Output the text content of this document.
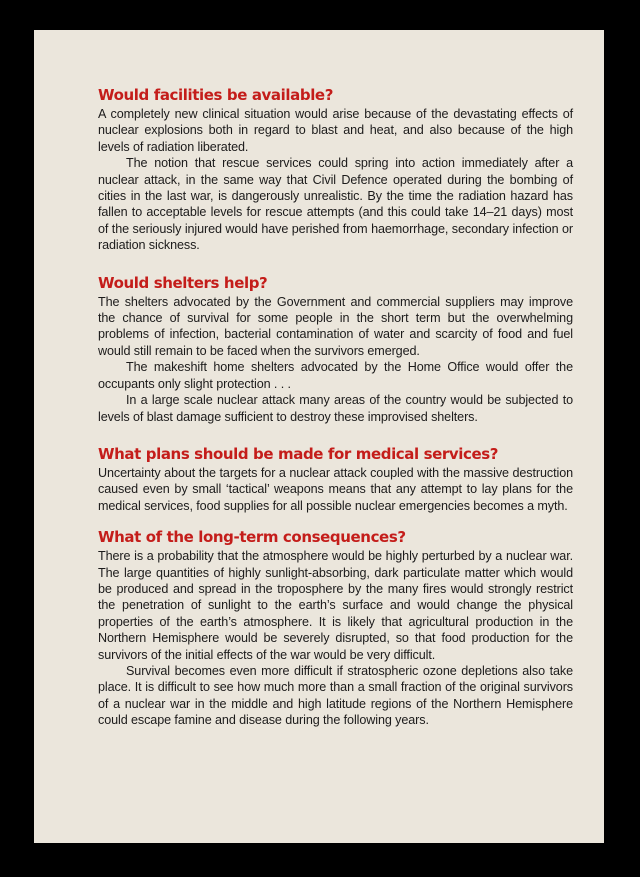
Would facilities be available?

A completely new clinical situation would arise because of the devastating effects of nuclear explosions both in regard to blast and heat, and also because of the high levels of radiation liberated.

The notion that rescue services could spring into action immediately after a nuclear attack, in the same way that Civil Defence operated during the bombing of cities in the last war, is dangerously unrealistic. By the time the radiation hazard has fallen to acceptable levels for rescue attempts (and this could take 14–21 days) most of the seriously injured would have perished from haemorrhage, secondary infection or radiation sickness.

Would shelters help?

The shelters advocated by the Government and commercial suppliers may improve the chance of survival for some people in the short term but the overwhelming problems of infection, bacterial contamination of water and scarcity of food and fuel would still remain to be faced when the survivors emerged.

The makeshift home shelters advocated by the Home Office would offer the occupants only slight protection . . .

In a large scale nuclear attack many areas of the country would be subjected to levels of blast damage sufficient to destroy these improvised shelters.

What plans should be made for medical services?

Uncertainty about the targets for a nuclear attack coupled with the massive destruction caused even by small ‘tactical’ weapons means that any attempt to lay plans for the medical services, food supplies for all possible nuclear emergencies becomes a myth.

What of the long-term consequences?

There is a probability that the atmosphere would be highly perturbed by a nuclear war. The large quantities of highly sunlight-absorbing, dark particulate matter which would be produced and spread in the troposphere by the many fires would strongly restrict the penetration of sunlight to the earth’s surface and would change the physical properties of the earth’s atmosphere. It is likely that agricultural production in the Northern Hemisphere would be severely disrupted, so that food production for the survivors of the initial effects of the war would be very difficult.

Survival becomes even more difficult if stratospheric ozone depletions also take place. It is difficult to see how much more than a small fraction of the original survivors of a nuclear war in the middle and high latitude regions of the Northern Hemisphere could escape famine and disease during the following years.
